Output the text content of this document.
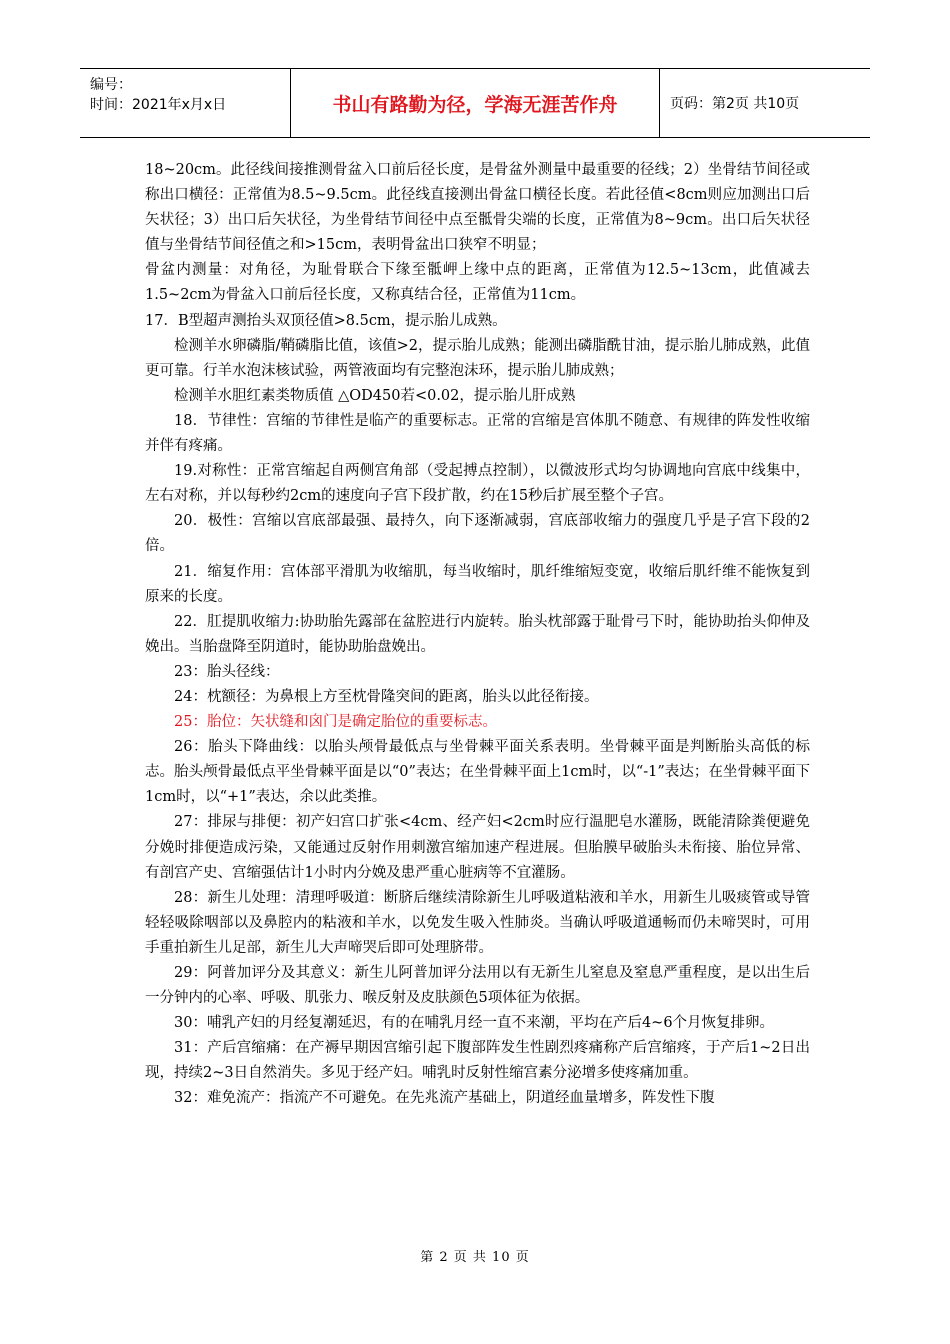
编号：
时间：2021年x月x日	书山有路勤为径，学海无涯苦作舟	页码：第2页 共10页

18~20cm。此径线间接推测骨盆入口前后径长度，是骨盆外测量中最重要的径线；2）坐骨结节间径或称出口横径：正常值为8.5~9.5cm。此径线直接测出骨盆口横径长度。若此径值<8cm则应加测出口后矢状径；3）出口后矢状径，为坐骨结节间径中点至骶骨尖端的长度，正常值为8~9cm。出口后矢状径值与坐骨结节间径值之和>15cm，表明骨盆出口狭窄不明显；

骨盆内测量：对角径，为耻骨联合下缘至骶岬上缘中点的距离，正常值为12.5~13cm，此值减去1.5~2cm为骨盆入口前后径长度，又称真结合径，正常值为11cm。

17．B型超声测抬头双顶径值>8.5cm，提示胎儿成熟。

检测羊水卵磷脂/鞘磷脂比值，该值>2，提示胎儿成熟；能测出磷脂酰甘油，提示胎儿肺成熟，此值更可靠。行羊水泡沫核试验，两管液面均有完整泡沫环，提示胎儿肺成熟；

检测羊水胆红素类物质值 △OD450若<0.02，提示胎儿肝成熟

18．节律性：宫缩的节律性是临产的重要标志。正常的宫缩是宫体肌不随意、有规律的阵发性收缩并伴有疼痛。

19.对称性：正常宫缩起自两侧宫角部（受起搏点控制），以微波形式均匀协调地向宫底中线集中，左右对称，并以每秒约2cm的速度向子宫下段扩散，约在15秒后扩展至整个子宫。

20．极性：宫缩以宫底部最强、最持久，向下逐渐减弱，宫底部收缩力的强度几乎是子宫下段的2倍。

21．缩复作用：宫体部平滑肌为收缩肌，每当收缩时，肌纤维缩短变宽，收缩后肌纤维不能恢复到原来的长度。

22．肛提肌收缩力:协助胎先露部在盆腔进行内旋转。胎头枕部露于耻骨弓下时，能协助抬头仰伸及娩出。当胎盘降至阴道时，能协助胎盘娩出。

23：胎头径线：

24：枕额径：为鼻根上方至枕骨隆突间的距离，胎头以此径衔接。

25：胎位：矢状缝和囟门是确定胎位的重要标志。

26：胎头下降曲线：以胎头颅骨最低点与坐骨棘平面关系表明。坐骨棘平面是判断胎头高低的标志。胎头颅骨最低点平坐骨棘平面是以“0”表达；在坐骨棘平面上1cm时，以“-1”表达；在坐骨棘平面下1cm时，以“+1”表达，余以此类推。

27：排尿与排便：初产妇宫口扩张<4cm、经产妇<2cm时应行温肥皂水灌肠，既能清除粪便避免分娩时排便造成污染，又能通过反射作用刺激宫缩加速产程进展。但胎膜早破胎头未衔接、胎位异常、有剖宫产史、宫缩强估计1小时内分娩及患严重心脏病等不宜灌肠。

28：新生儿处理：清理呼吸道：断脐后继续清除新生儿呼吸道粘液和羊水，用新生儿吸痰管或导管轻轻吸除咽部以及鼻腔内的粘液和羊水，以免发生吸入性肺炎。当确认呼吸道通畅而仍未啼哭时，可用手重拍新生儿足部，新生儿大声啼哭后即可处理脐带。

29：阿普加评分及其意义：新生儿阿普加评分法用以有无新生儿窒息及窒息严重程度，是以出生后一分钟内的心率、呼吸、肌张力、喉反射及皮肤颜色5项体征为依据。

30：哺乳产妇的月经复潮延迟，有的在哺乳月经一直不来潮，平均在产后4~6个月恢复排卵。

31：产后宫缩痛：在产褥早期因宫缩引起下腹部阵发生性剧烈疼痛称产后宫缩疼，于产后1~2日出现，持续2~3日自然消失。多见于经产妇。哺乳时反射性缩宫素分泌增多使疼痛加重。

32：难免流产：指流产不可避免。在先兆流产基础上，阴道经血量增多，阵发性下腹

第 2 页 共 10 页
